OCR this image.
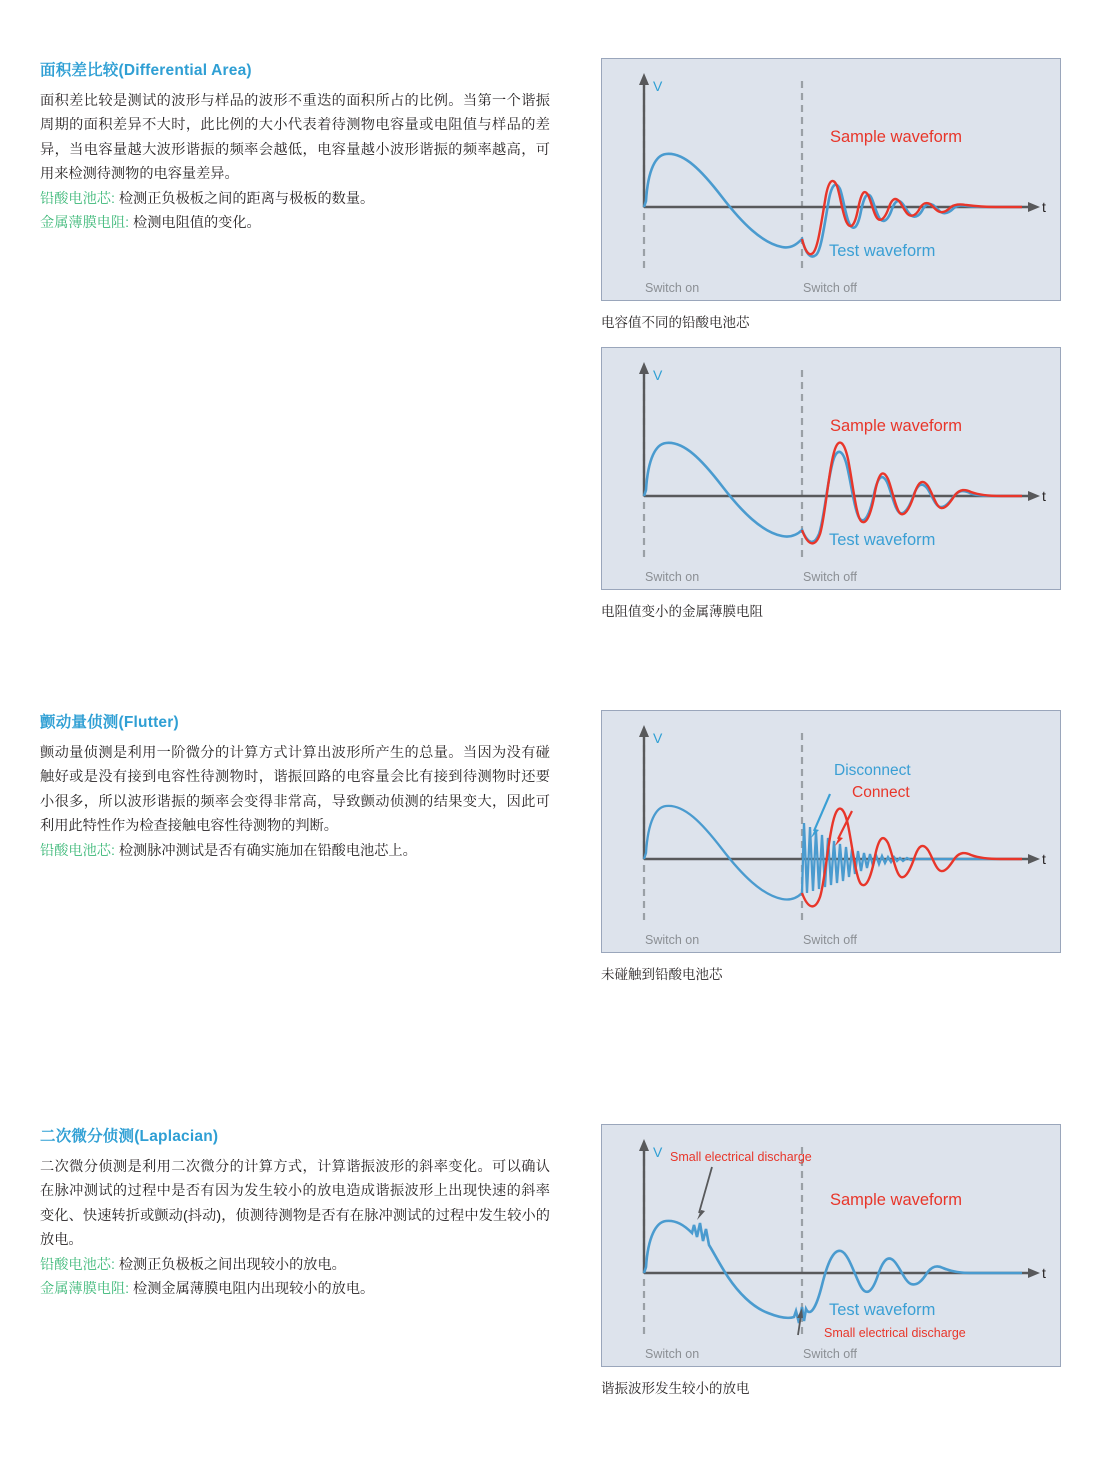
面积差比较(Differential Area)
面积差比较是测试的波形与样品的波形不重迭的面积所占的比例。当第一个谐振周期的面积差异不大时，此比例的大小代表着待测物电容量或电阻值与样品的差异，当电容量越大波形谐振的频率会越低，电容量越小波形谐振的频率越高，可用来检测待测物的电容量差异。
铅酸电池芯: 检测正负极板之间的距离与极板的数量。
金属薄膜电阻: 检测电阻值的变化。
V
t
Sample waveform
Test waveform
Switch on	Switch off
电容值不同的铅酸电池芯
V
t
Sample waveform
Test waveform
Switch on	Switch off
电阻值变小的金属薄膜电阻
颤动量侦测(Flutter)
颤动量侦测是利用一阶微分的计算方式计算出波形所产生的总量。当因为没有碰触好或是没有接到电容性待测物时，谐振回路的电容量会比有接到待测物时还要小很多，所以波形谐振的频率会变得非常高，导致颤动侦测的结果变大，因此可利用此特性作为检查接触电容性待测物的判断。
铅酸电池芯: 检测脉冲测试是否有确实施加在铅酸电池芯上。
V
t
Disconnect
Connect
Switch on	Switch off
未碰触到铅酸电池芯
二次微分侦测(Laplacian)
二次微分侦测是利用二次微分的计算方式，计算谐振波形的斜率变化。可以确认在脉冲测试的过程中是否有因为发生较小的放电造成谐振波形上出现快速的斜率变化、快速转折或颤动(抖动)，侦测待测物是否有在脉冲测试的过程中发生较小的放电。
铅酸电池芯: 检测正负极板之间出现较小的放电。
金属薄膜电阻: 检测金属薄膜电阻内出现较小的放电。
Small electrical discharge
Sample waveform
Test waveform
Small electrical discharge
V
t
Switch on	Switch off
谐振波形发生较小的放电
